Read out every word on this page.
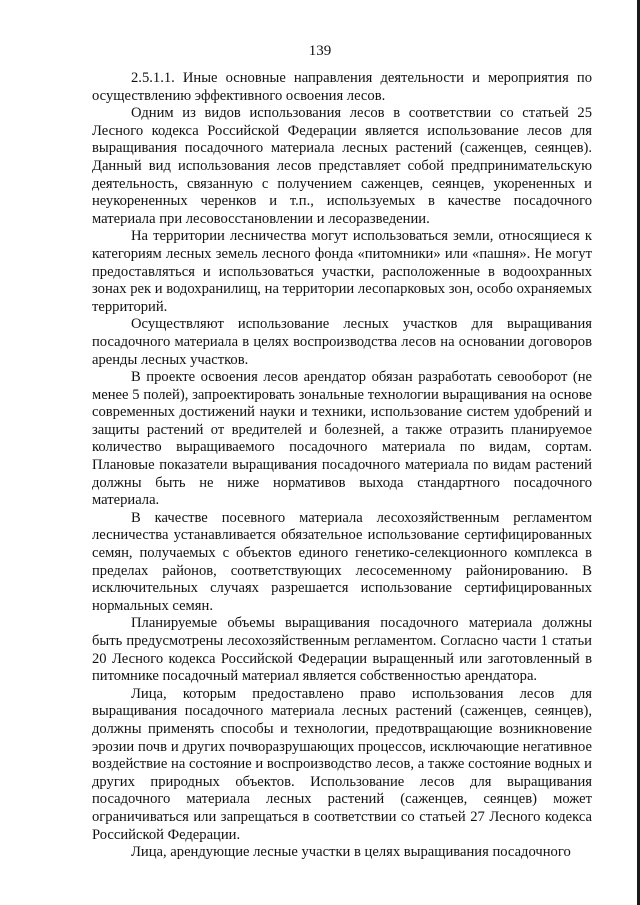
139

2.5.1.1. Иные основные направления деятельности и мероприятия по осуществлению эффективного освоения лесов.

Одним из видов использования лесов в соответствии со статьей 25 Лесного кодекса Российской Федерации является использование лесов для выращивания посадочного материала лесных растений (саженцев, сеянцев). Данный вид использования лесов представляет собой предпринимательскую деятельность, связанную с получением саженцев, сеянцев, укорененных и неукорененных черенков и т.п., используемых в качестве посадочного материала при лесовосстановлении и лесоразведении.

На территории лесничества могут использоваться земли, относящиеся к категориям лесных земель лесного фонда «питомники» или «пашня». Не могут предоставляться и использоваться участки, расположенные в водоохранных зонах рек и водохранилищ, на территории лесопарковых зон, особо охраняемых территорий.

Осуществляют использование лесных участков для выращивания посадочного материала в целях воспроизводства лесов на основании договоров аренды лесных участков.

В проекте освоения лесов арендатор обязан разработать севооборот (не менее 5 полей), запроектировать зональные технологии выращивания на основе современных достижений науки и техники, использование систем удобрений и защиты растений от вредителей и болезней, а также отразить планируемое количество выращиваемого посадочного материала по видам, сортам. Плановые показатели выращивания посадочного материала по видам растений должны быть не ниже нормативов выхода стандартного посадочного материала.

В качестве посевного материала лесохозяйственным регламентом лесничества устанавливается обязательное использование сертифицированных семян, получаемых с объектов единого генетико-селекционного комплекса в пределах районов, соответствующих лесосеменному районированию. В исключительных случаях разрешается использование сертифицированных нормальных семян.

Планируемые объемы выращивания посадочного материала должны быть предусмотрены лесохозяйственным регламентом. Согласно части 1 статьи 20 Лесного кодекса Российской Федерации выращенный или заготовленный в питомнике посадочный материал является собственностью арендатора.

Лица, которым предоставлено право использования лесов для выращивания посадочного материала лесных растений (саженцев, сеянцев), должны применять способы и технологии, предотвращающие возникновение эрозии почв и других почворазрушающих процессов, исключающие негативное воздействие на состояние и воспроизводство лесов, а также состояние водных и других природных объектов. Использование лесов для выращивания посадочного материала лесных растений (саженцев, сеянцев) может ограничиваться или запрещаться в соответствии со статьей 27 Лесного кодекса Российской Федерации.

Лица, арендующие лесные участки в целях выращивания посадочного
